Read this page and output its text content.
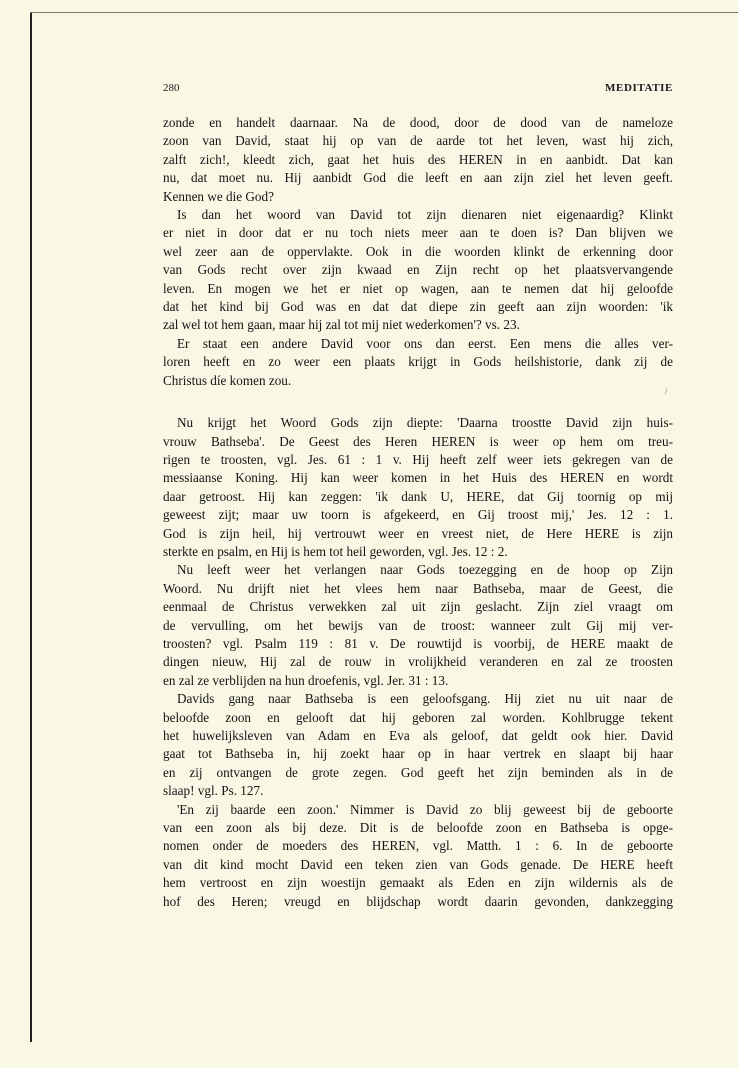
280	MEDITATIE

zonde en handelt daarnaar. Na de dood, door de dood van de nameloze

zoon van David, staat hij op van de aarde tot het leven, wast hij zich,

zalft zich!, kleedt zich, gaat het huis des HEREN in en aanbidt. Dat kan

nu, dat moet nu. Hij aanbidt God die leeft en aan zijn ziel het leven geeft.

Kennen we die God?

Is dan het woord van David tot zijn dienaren niet eigenaardig? Klinkt

er niet in door dat er nu toch niets meer aan te doen is? Dan blijven we

wel zeer aan de oppervlakte. Ook in die woorden klinkt de erkenning door

van Gods recht over zijn kwaad en Zijn recht op het plaatsvervangende

leven. En mogen we het er niet op wagen, aan te nemen dat hij geloofde

dat het kind bij God was en dat dat diepe zin geeft aan zijn woorden: 'ik

zal wel tot hem gaan, maar hij zal tot mij niet wederkomen'? vs. 23.

Er staat een andere David voor ons dan eerst. Een mens die alles ver-

loren heeft en zo weer een plaats krijgt in Gods heilshistorie, dank zij de

Christus díe komen zou.

Nu krijgt het Woord Gods zijn diepte: 'Daarna troostte David zijn huis-

vrouw Bathseba'. De Geest des Heren HEREN is weer op hem om treu-

rigen te troosten, vgl. Jes. 61 : 1 v. Hij heeft zelf weer iets gekregen van de

messiaanse Koning. Hij kan weer komen in het Huis des HEREN en wordt

daar getroost. Hij kan zeggen: 'ik dank U, HERE, dat Gij toornig op mij

geweest zijt; maar uw toorn is afgekeerd, en Gij troost mij,' Jes. 12 : 1.

God is zijn heil, hij vertrouwt weer en vreest niet, de Here HERE is zijn

sterkte en psalm, en Hij is hem tot heil geworden, vgl. Jes. 12 : 2.

Nu leeft weer het verlangen naar Gods toezegging en de hoop op Zijn

Woord. Nu drijft niet het vlees hem naar Bathseba, maar de Geest, die

eenmaal de Christus verwekken zal uit zijn geslacht. Zijn ziel vraagt om

de vervulling, om het bewijs van de troost: wanneer zult Gij mij ver-

troosten? vgl. Psalm 119 : 81 v. De rouwtijd is voorbij, de HERE maakt de

dingen nieuw, Hij zal de rouw in vrolijkheid veranderen en zal ze troosten

en zal ze verblijden na hun droefenis, vgl. Jer. 31 : 13.

Davids gang naar Bathseba is een geloofsgang. Hij ziet nu uit naar de

beloofde zoon en gelooft dat hij geboren zal worden. Kohlbrugge tekent

het huwelijksleven van Adam en Eva als geloof, dat geldt ook hier. David

gaat tot Bathseba in, hij zoekt haar op in haar vertrek en slaapt bij haar

en zij ontvangen de grote zegen. God geeft het zijn beminden als in de

slaap! vgl. Ps. 127.

'En zij baarde een zoon.' Nimmer is David zo blij geweest bij de geboorte

van een zoon als bij deze. Dit is de beloofde zoon en Bathseba is opge-

nomen onder de moeders des HEREN, vgl. Matth. 1 : 6. In de geboorte

van dit kind mocht David een teken zien van Gods genade. De HERE heeft

hem vertroost en zijn woestijn gemaakt als Eden en zijn wildernis als de

hof des Heren; vreugd en blijdschap wordt daarin gevonden, dankzegging

/
